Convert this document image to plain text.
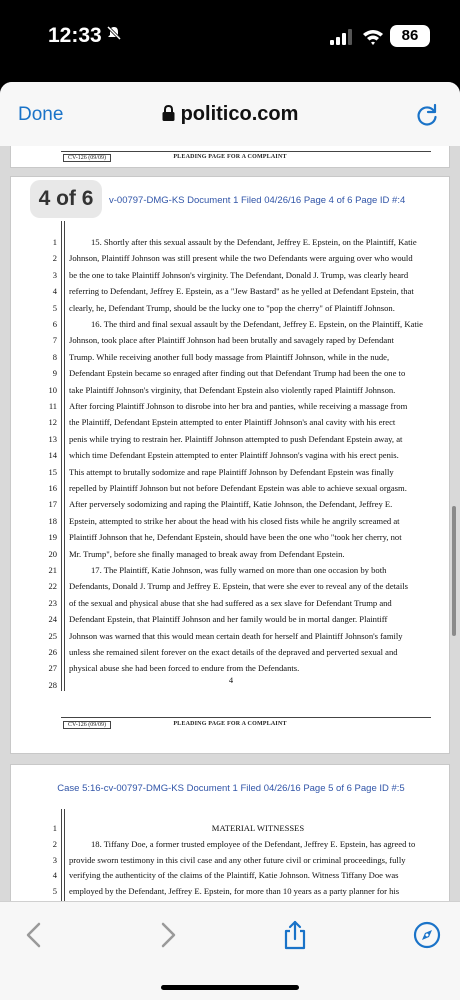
12:33	86
Done	politico.com
CV-126 (09/09)	PLEADING PAGE FOR A COMPLAINT
v-00797-DMG-KS Document 1 Filed 04/26/16 Page 4 of 6 Page ID #:4
1	15. Shortly after this sexual assault by the Defendant, Jeffrey E. Epstein, on the Plaintiff, Katie
2 Johnson, Plaintiff Johnson was still present while the two Defendants were arguing over who would
3 be the one to take Plaintiff Johnson's virginity. The Defendant, Donald J. Trump, was clearly heard
4 referring to Defendant, Jeffrey E. Epstein, as a "Jew Bastard" as he yelled at Defendant Epstein, that
5 clearly, he, Defendant Trump, should be the lucky one to "pop the cherry" of Plaintiff Johnson.
6	16. The third and final sexual assault by the Defendant, Jeffrey E. Epstein, on the Plaintiff, Katie
7 Johnson, took place after Plaintiff Johnson had been brutally and savagely raped by Defendant
8 Trump. While receiving another full body massage from Plaintiff Johnson, while in the nude,
9 Defendant Epstein became so enraged after finding out that Defendant Trump had been the one to
10 take Plaintiff Johnson's virginity, that Defendant Epstein also violently raped Plaintiff Johnson.
11 After forcing Plaintiff Johnson to disrobe into her bra and panties, while receiving a massage from
12 the Plaintiff, Defendant Epstein attempted to enter Plaintiff Johnson's anal cavity with his erect
13 penis while trying to restrain her. Plaintiff Johnson attempted to push Defendant Epstein away, at
14 which time Defendant Epstein attempted to enter Plaintiff Johnson's vagina with his erect penis.
15 This attempt to brutally sodomize and rape Plaintiff Johnson by Defendant Epstein was finally
16 repelled by Plaintiff Johnson but not before Defendant Epstein was able to achieve sexual orgasm.
17 After perversely sodomizing and raping the Plaintiff, Katie Johnson, the Defendant, Jeffrey E.
18 Epstein, attempted to strike her about the head with his closed fists while he angrily screamed at
19 Plaintiff Johnson that he, Defendant Epstein, should have been the one who "took her cherry, not
20 Mr. Trump", before she finally managed to break away from Defendant Epstein.
21	17. The Plaintiff, Katie Johnson, was fully warned on more than one occasion by both
22 Defendants, Donald J. Trump and Jeffrey E. Epstein, that were she ever to reveal any of the details
23 of the sexual and physical abuse that she had suffered as a sex slave for Defendant Trump and
24 Defendant Epstein, that Plaintiff Johnson and her family would be in mortal danger. Plaintiff
25 Johnson was warned that this would mean certain death for herself and Plaintiff Johnson's family
26 unless she remained silent forever on the exact details of the depraved and perverted sexual and
27 physical abuse she had been forced to endure from the Defendants.
28	4
CV-126 (09/09)	PLEADING PAGE FOR A COMPLAINT
Case 5:16-cv-00797-DMG-KS Document 1 Filed 04/26/16 Page 5 of 6 Page ID #:5
1	MATERIAL WITNESSES
2	18. Tiffany Doe, a former trusted employee of the Defendant, Jeffrey E. Epstein, has agreed to
3 provide sworn testimony in this civil case and any other future civil or criminal proceedings, fully
4 verifying the authenticity of the claims of the Plaintiff, Katie Johnson. Witness Tiffany Doe was
5 employed by the Defendant, Jeffrey E. Epstein, for more than 10 years as a party planner for his
4 of 6
